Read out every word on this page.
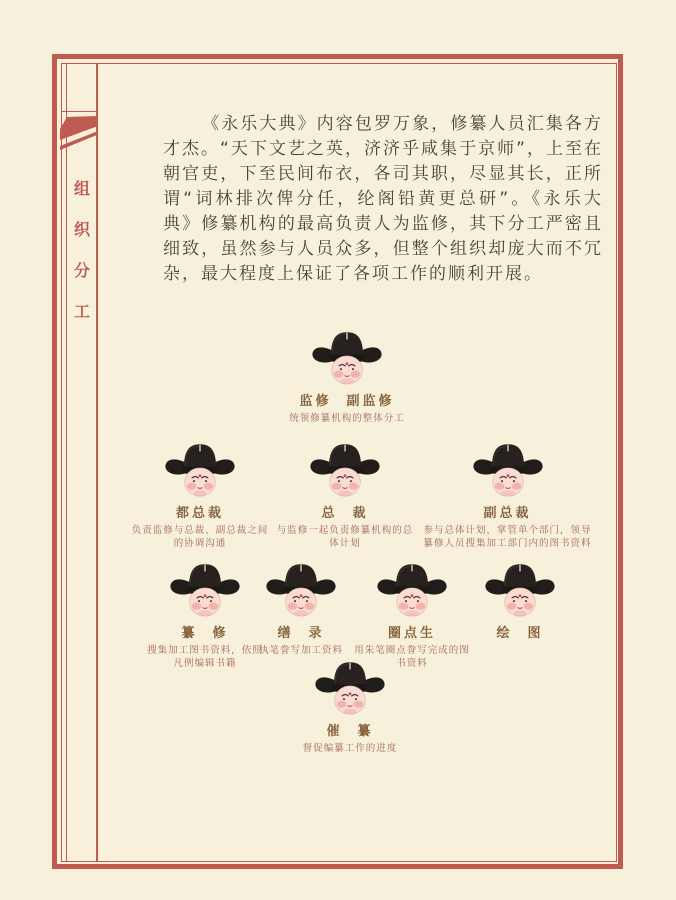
组
织
分
工

《永乐大典》内容包罗万象，修纂人员汇集各方才杰。“天下文艺之英，济济乎咸集于京师”，上至在朝官吏，下至民间布衣，各司其职，尽显其长，正所谓“词林排次俾分任，纶阁铅黄更总研”。《永乐大典》修纂机构的最高负责人为监修，其下分工严密且细致，虽然参与人员众多，但整个组织却庞大而不冗杂，最大程度上保证了各项工作的顺利开展。

监修  副监修
统领修纂机构的整体分工
都总裁
负责监修与总裁、副总裁之间的协调沟通
总  裁
与监修一起负责修纂机构的总体计划
副总裁
参与总体计划，掌管单个部门，领导纂修人员搜集加工部门内的图书资料
纂  修
搜集加工图书资料，依照凡例编辑书籍
缮  录
执笔誊写加工资料
圈点生
用朱笔圈点誊写完成的图书资料
绘  图
催  纂
督促编纂工作的进度
